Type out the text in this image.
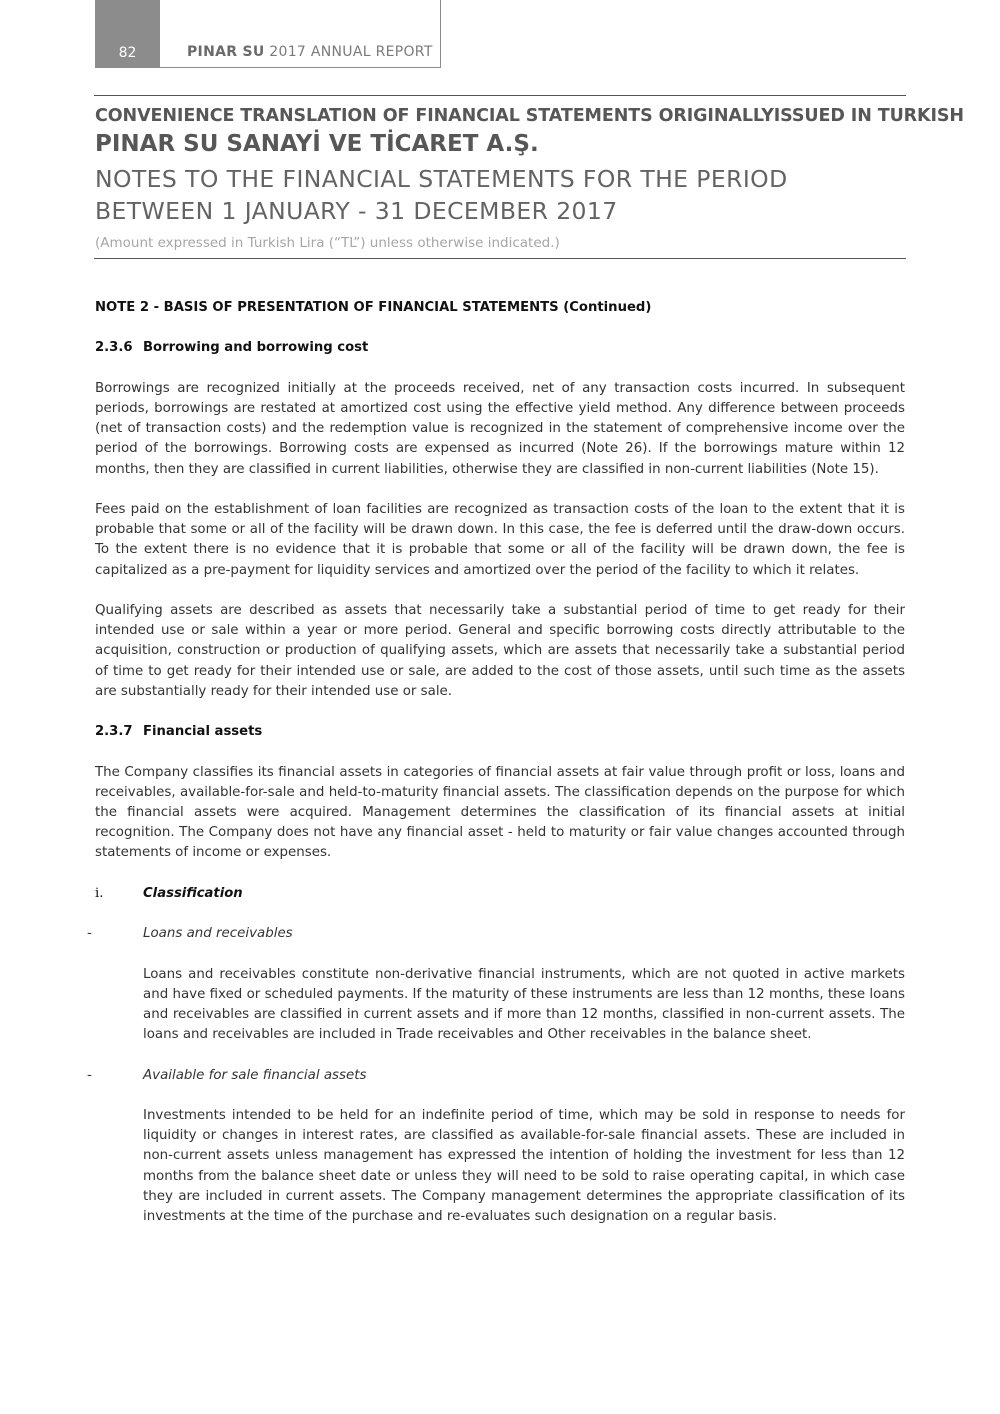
82	PINAR SU 2017 ANNUAL REPORT
CONVENIENCE TRANSLATION OF FINANCIAL STATEMENTS ORIGINALLYISSUED IN TURKISH
PINAR SU SANAYİ VE TİCARET A.Ş.
NOTES TO THE FINANCIAL STATEMENTS FOR THE PERIOD
BETWEEN 1 JANUARY - 31 DECEMBER 2017
(Amount expressed in Turkish Lira (“TL”) unless otherwise indicated.)
NOTE 2 - BASIS OF PRESENTATION OF FINANCIAL STATEMENTS (Continued)
2.3.6 Borrowing and borrowing cost

Borrowings are recognized initially at the proceeds received, net of any transaction costs incurred. In subsequent periods, borrowings are restated at amortized cost using the effective yield method. Any difference between proceeds (net of transaction costs) and the redemption value is recognized in the statement of comprehensive income over the period of the borrowings. Borrowing costs are expensed as incurred (Note 26). If the borrowings mature within 12 months, then they are classified in current liabilities, otherwise they are classified in non-current liabilities (Note 15).

Fees paid on the establishment of loan facilities are recognized as transaction costs of the loan to the extent that it is probable that some or all of the facility will be drawn down. In this case, the fee is deferred until the draw-down occurs. To the extent there is no evidence that it is probable that some or all of the facility will be drawn down, the fee is capitalized as a pre-payment for liquidity services and amortized over the period of the facility to which it relates.

Qualifying assets are described as assets that necessarily take a substantial period of time to get ready for their intended use or sale within a year or more period. General and specific borrowing costs directly attributable to the acquisition, construction or production of qualifying assets, which are assets that necessarily take a substantial period of time to get ready for their intended use or sale, are added to the cost of those assets, until such time as the assets are substantially ready for their intended use or sale.

2.3.7 Financial assets

The Company classifies its financial assets in categories of financial assets at fair value through profit or loss, loans and receivables, available-for-sale and held-to-maturity financial assets. The classification depends on the purpose for which the financial assets were acquired. Management determines the classification of its financial assets at initial recognition. The Company does not have any financial asset - held to maturity or fair value changes accounted through statements of income or expenses.

i.	Classification
-	Loans and receivables

Loans and receivables constitute non-derivative financial instruments, which are not quoted in active markets and have fixed or scheduled payments. If the maturity of these instruments are less than 12 months, these loans and receivables are classified in current assets and if more than 12 months, classified in non-current assets. The loans and receivables are included in Trade receivables and Other receivables in the balance sheet.

-	Available for sale financial assets

Investments intended to be held for an indefinite period of time, which may be sold in response to needs for liquidity or changes in interest rates, are classified as available-for-sale financial assets. These are included in non-current assets unless management has expressed the intention of holding the investment for less than 12 months from the balance sheet date or unless they will need to be sold to raise operating capital, in which case they are included in current assets. The Company management determines the appropriate classification of its investments at the time of the purchase and re-evaluates such designation on a regular basis.
